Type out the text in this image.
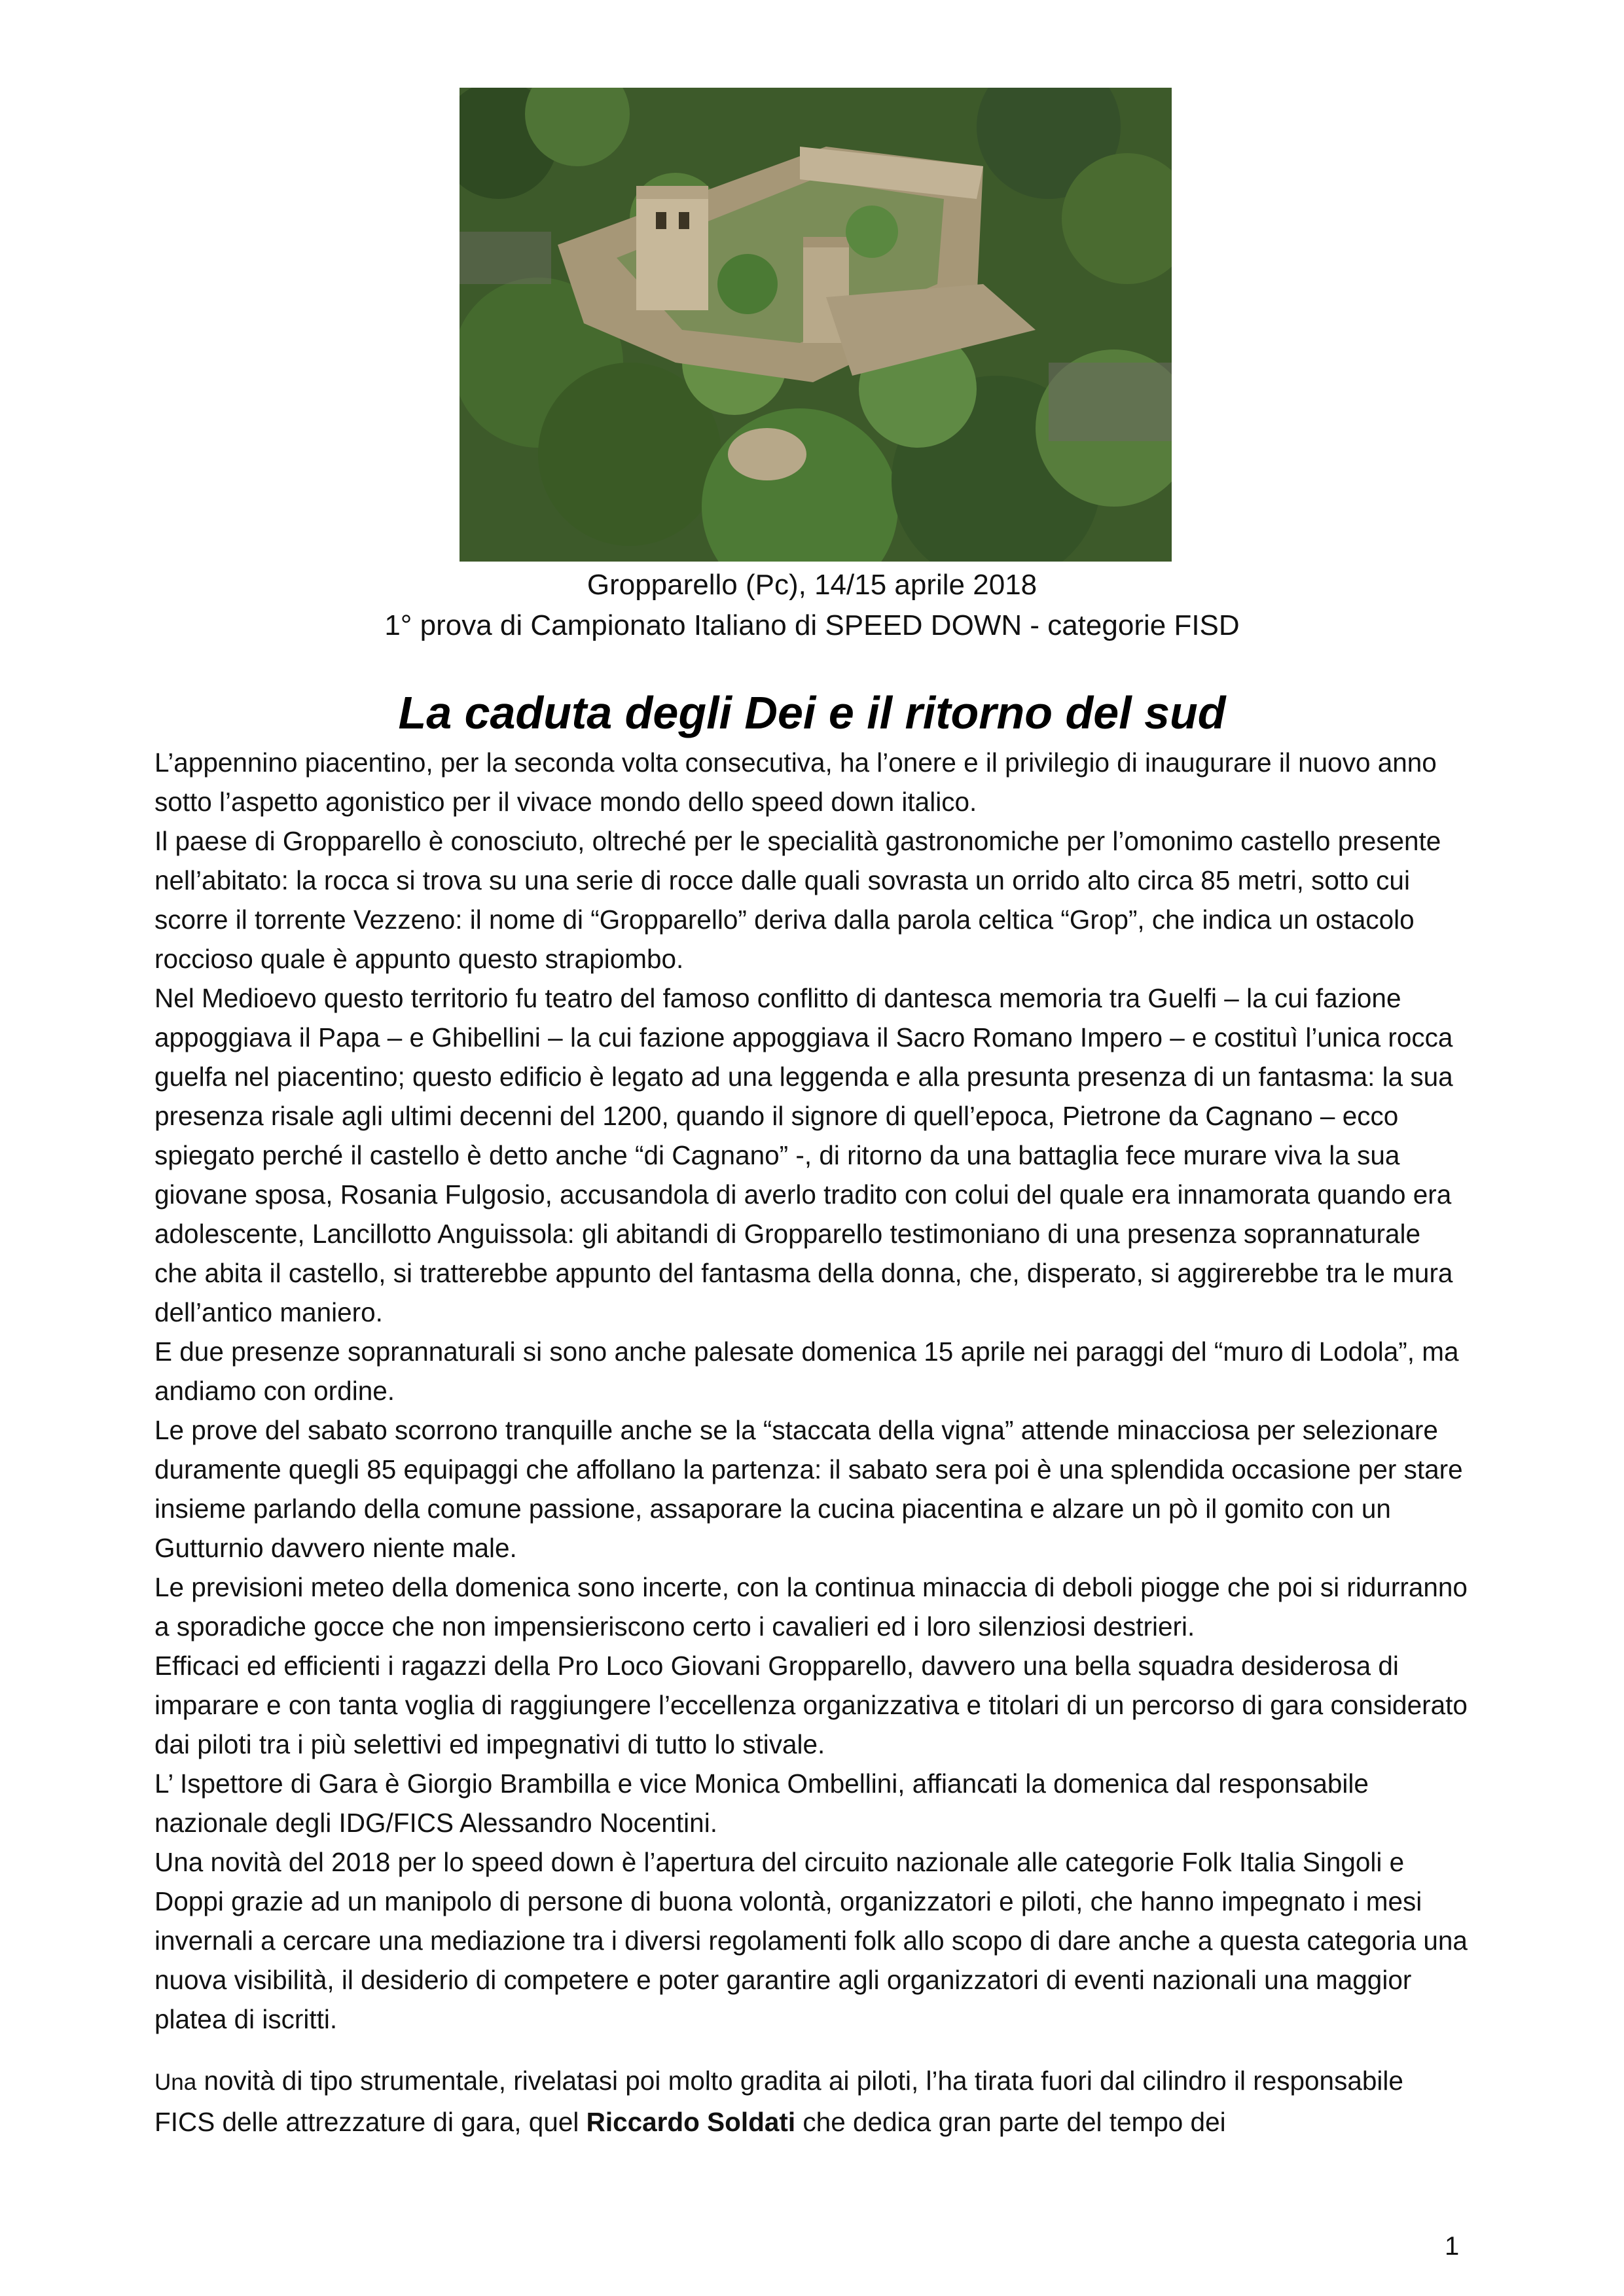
Gropparello (Pc), 14/15 aprile 2018
1° prova di Campionato Italiano di SPEED DOWN - categorie FISD
La caduta degli Dei e il ritorno del sud

L’appennino piacentino, per la seconda volta consecutiva, ha l’onere e il privilegio di inaugurare il nuovo anno sotto l’aspetto agonistico per il vivace mondo dello speed down italico.

Il paese di Gropparello è conosciuto, oltreché per le specialità gastronomiche per l’omonimo castello presente nell’abitato: la rocca si trova su una serie di rocce dalle quali sovrasta un orrido alto circa 85 metri, sotto cui scorre il torrente Vezzeno: il nome di “Gropparello” deriva dalla parola celtica “Grop”, che indica un ostacolo roccioso quale è appunto questo strapiombo.

Nel Medioevo questo territorio fu teatro del famoso conflitto di dantesca memoria tra Guelfi – la cui fazione appoggiava il Papa – e Ghibellini – la cui fazione appoggiava il Sacro Romano Impero – e costituì l’unica rocca guelfa nel piacentino; questo edificio è legato ad una leggenda e alla presunta presenza di un fantasma: la sua presenza risale agli ultimi decenni del 1200, quando il signore di quell’epoca, Pietrone da Cagnano – ecco spiegato perché il castello è detto anche “di Cagnano” -, di ritorno da una battaglia fece murare viva la sua giovane sposa, Rosania Fulgosio, accusandola di averlo tradito con colui del quale era innamorata quando era adolescente, Lancillotto Anguissola: gli abitandi di Gropparello testimoniano di una presenza soprannaturale che abita il castello, si tratterebbe appunto del fantasma della donna, che, disperato, si aggirerebbe tra le mura dell’antico maniero.

E due presenze soprannaturali si sono anche palesate domenica 15 aprile nei paraggi del “muro di Lodola”, ma andiamo con ordine.

Le prove del sabato scorrono tranquille anche se la “staccata della vigna” attende minacciosa per selezionare duramente quegli 85 equipaggi che affollano la partenza: il sabato sera poi è una splendida occasione per stare insieme parlando della comune passione, assaporare la cucina piacentina e alzare un pò il gomito con un Gutturnio davvero niente male.

Le previsioni meteo della domenica sono incerte, con la continua minaccia di deboli piogge che poi si ridurranno a sporadiche gocce che non impensieriscono certo i cavalieri ed i loro silenziosi destrieri.

Efficaci ed efficienti i ragazzi della Pro Loco Giovani Gropparello, davvero una bella squadra desiderosa di imparare e con tanta voglia di raggiungere l’eccellenza organizzativa e titolari di un percorso di gara considerato dai piloti tra i più selettivi ed impegnativi di tutto lo stivale.

L’ Ispettore di Gara è Giorgio Brambilla e vice Monica Ombellini, affiancati la domenica dal responsabile nazionale degli IDG/FICS Alessandro Nocentini.

Una novità del 2018 per lo speed down è l’apertura del circuito nazionale alle categorie Folk Italia Singoli e Doppi grazie ad un manipolo di persone di buona volontà, organizzatori e piloti, che hanno impegnato i mesi invernali a cercare una mediazione tra i diversi regolamenti folk allo scopo di dare anche a questa categoria una nuova visibilità, il desiderio di competere e poter garantire agli organizzatori di eventi nazionali una maggior platea di iscritti.

Una novità di tipo strumentale, rivelatasi poi molto gradita ai piloti, l’ha tirata fuori dal cilindro il responsabile FICS delle attrezzature di gara, quel Riccardo Soldati che dedica gran parte del tempo dei

1
